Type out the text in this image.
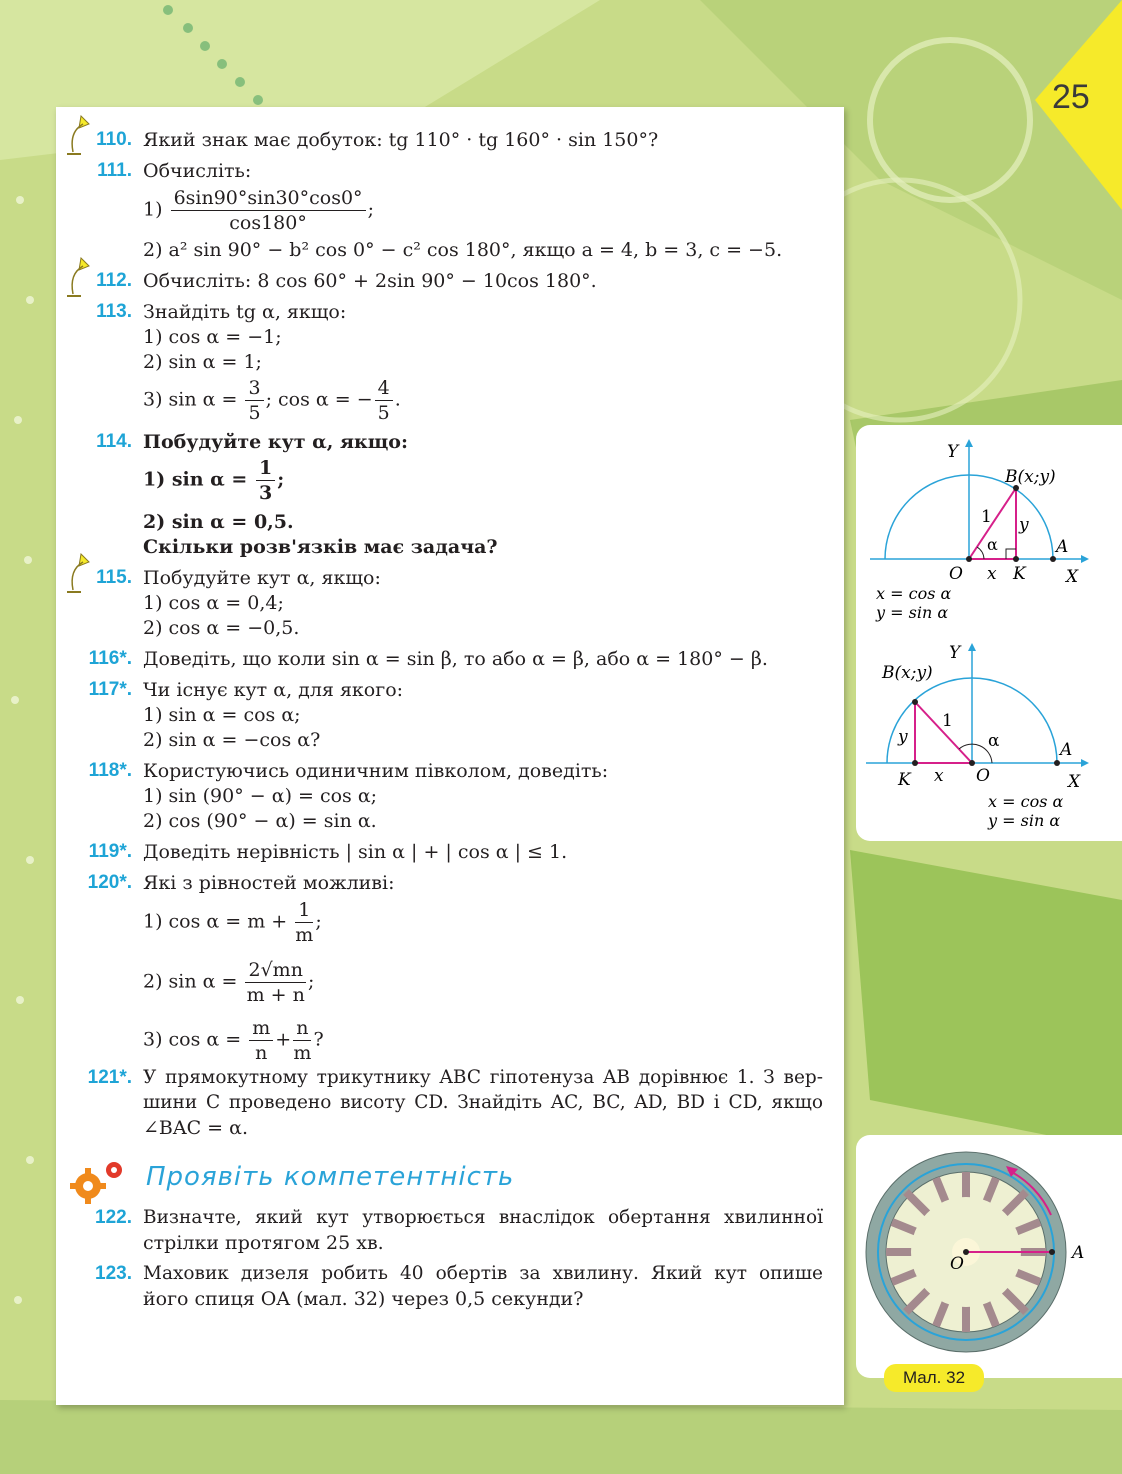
25
110. Який знак має добуток: tg 110° · tg 160° · sin 150°?
111. Обчисліть:
$1) \frac{6\sin 90^\circ\sin 30^\circ\cos 0^\circ}{\cos 180^\circ}$ ;
2) a² sin 90° − b² cos 0° − c² cos 180°, якщо a = 4, b = 3, c = −5.
112. Обчисліть: 8 cos 60° + 2sin 90° − 10cos 180°.
113. Знайдіть tg α, якщо:
1) cos α = −1;
2) sin α = 1;
3) $\sin \alpha = \frac{3}{5}$ ; cos α = − $\frac{4}{5}$ .
114. Побудуйте кут α, якщо:
1) $\sin \alpha = \frac{1}{3}$ ;
2) sin α = 0,5.
Скільки розв'язків має задача?
115. Побудуйте кут α, якщо:
1) cos α = 0,4;
2) cos α = −0,5.
116*. Доведіть, що коли sin α = sin β, то або α = β, або α = 180° − β.
117*. Чи існує кут α, для якого:
1) sin α = cos α;
2) sin α = −cos α?
118*. Користуючись одиничним півколом, доведіть:
1) sin (90° − α) = cos α;
2) cos (90° − α) = sin α.
119*. Доведіть нерівність | sin α | + | cos α | ≤ 1.
120*. Які з рівностей можливі:
1) $\cos \alpha = m + \frac{1}{m}$ ;
2) $\sin \alpha = \frac{2√mn}{m + n}$ ;
3) $\cos \alpha = \frac{m}{n} + \frac{n}{m}$ ?
121*. У прямокутному трикутнику ABC гіпотенуза AB дорівнює 1. З вер-
шини C проведено висоту CD. Знайдіть AC, BC, AD, BD і CD, якщо
∠BAC = α.
Проявіть компетентність
122. Визначте, який кут утворюється внаслідок обертання хвилинної
стрілки протягом 25 хв.
123. Маховик дизеля робить 40 обертів за хвилину. Який кут опише
його спиця OA (мал. 32) через 0,5 секунди?
Y
B(x;y)
A
X
O	K
1 y
x
α
x = cos α
y = sin α
Y
B(x;y)
A
X
O
K
1
y
x
α
x = cos α
y = sin α
O
A
Мал. 32
